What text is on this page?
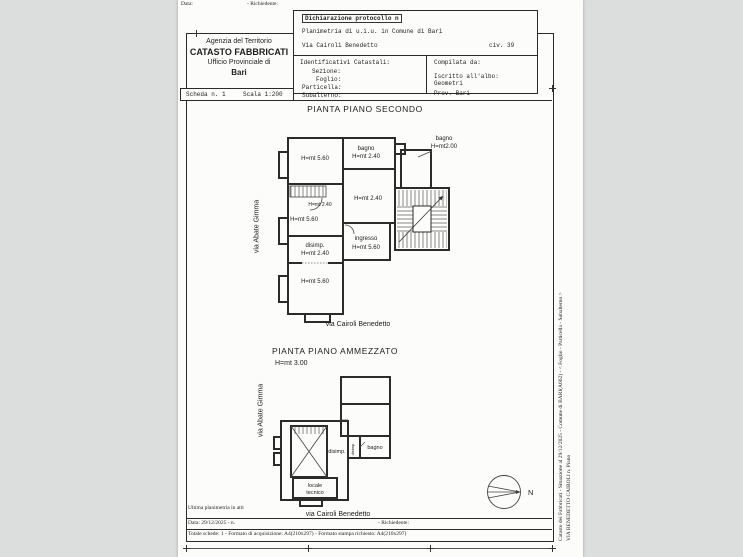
Data:	- Richiedente:
Agenzia del Territorio
CATASTO FABBRICATI
Ufficio Provinciale di
Bari
Scheda n. 1	Scala 1:200
Dichiarazione protocollo n
Planimetria di u.i.u. in Comune di Bari
Via Cairoli Benedetto	civ. 39
Identificativi Catastali:
Sezione:
Foglio:
Particella:
Subalterno:
Compilata da:
Iscritto all'albo:
Geometri
Prov. Bari
PIANTA PIANO SECONDO
H=mt 5.60
bagno
H=mt 2.40
bagno
H=mt2.00
H=mt 2.40
H=mt 2.40
H=mt 5.60
ingresso
H=mt 5.60
disimp.
H=mt 2.40
H=mt 5.60
via Abate Gimma
via Cairoli Benedetto
PIANTA PIANO AMMEZZATO
H=mt 3.00
disimp. bagno
disimp.
locale
tecnico
via Abate Gimma
via Cairoli Benedetto
N
Ultima planimetria in atti
Data: 29/12/2025 - n.	- Richiedente:
Totale schede: 1 - Formato di acquisizione: A4(210x297) - Formato stampa richiesto: A4(210x297)	Catasto dei Fabbricati - Situazione al 29/12/2025 - Comune di BARI(A662) - < Foglio - Particella - Subalterno > VIA BENEDETTO CAIROLI n. Piano
